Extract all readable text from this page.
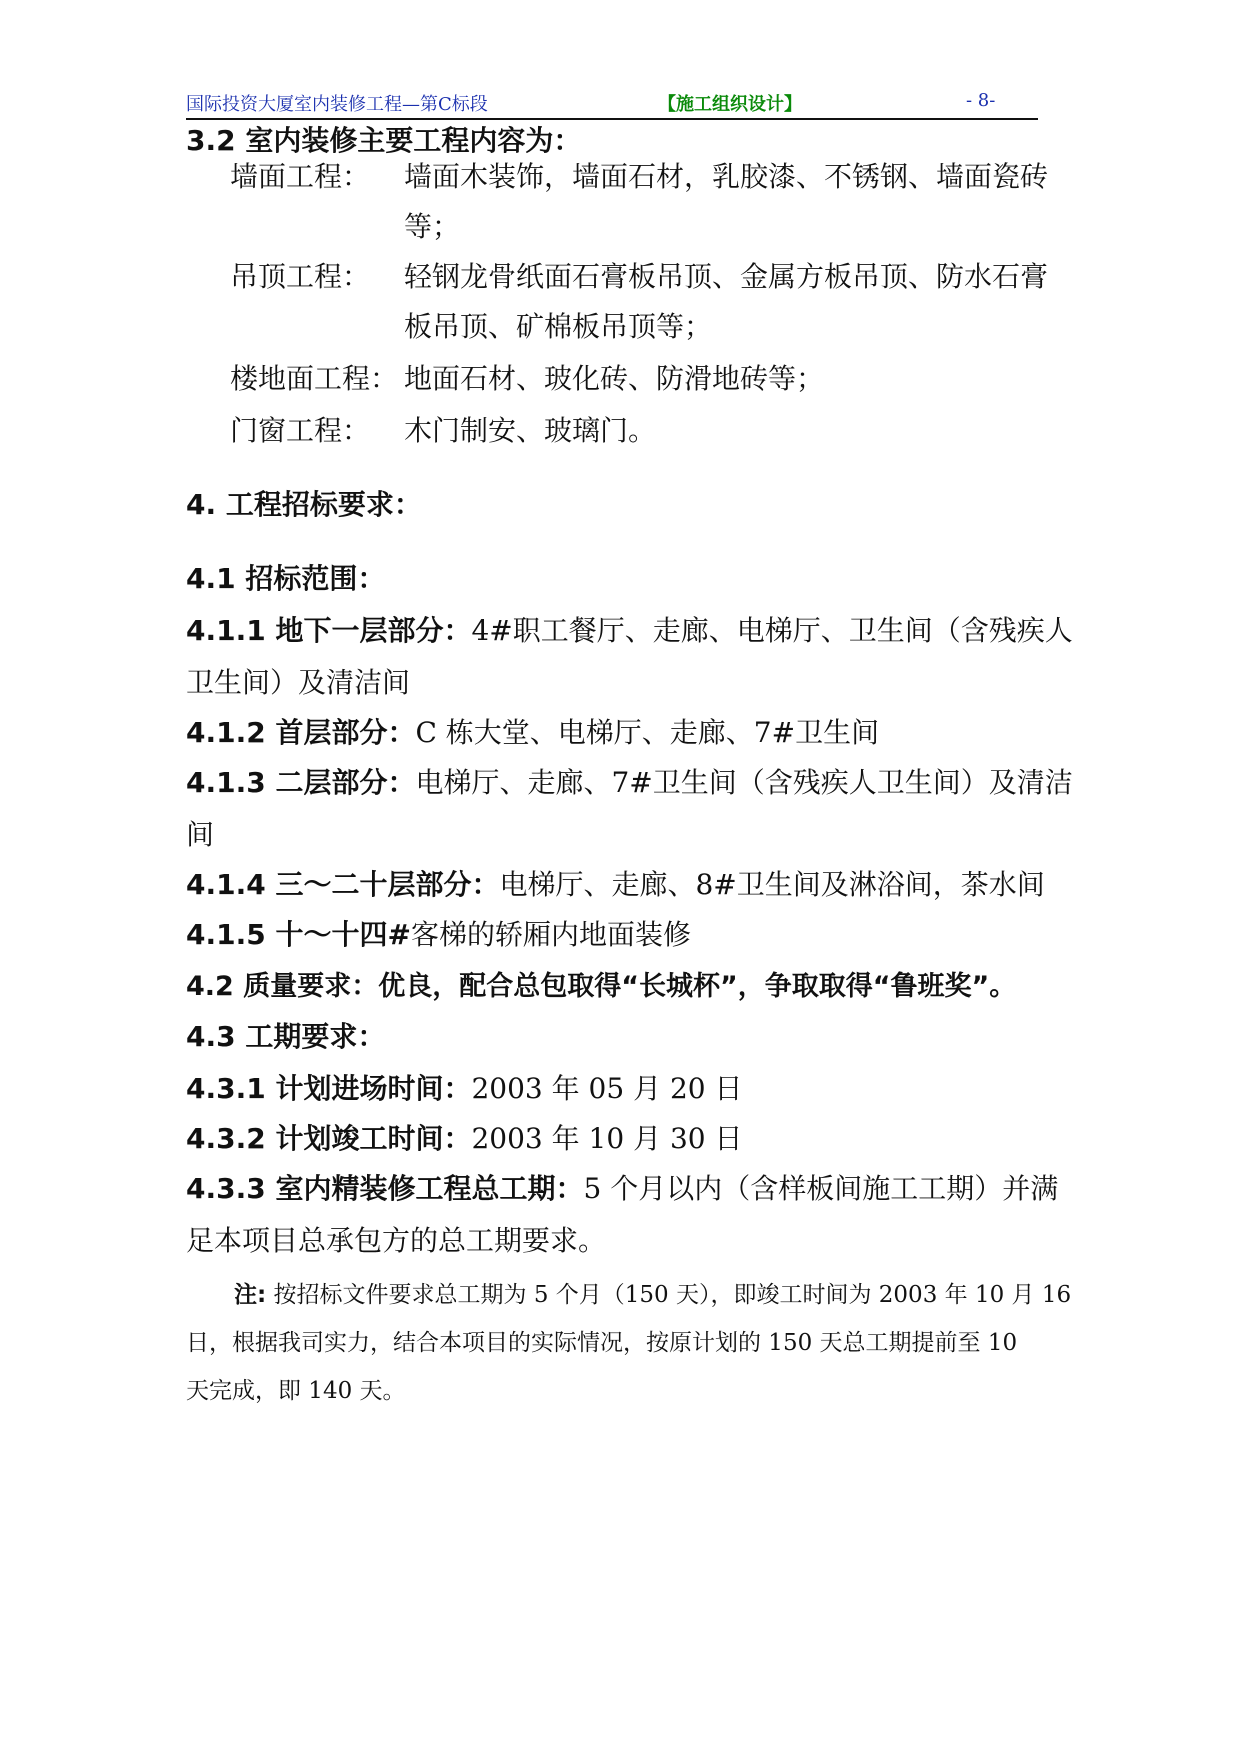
国际投资大厦室内装修工程—第C标段	【施工组织设计】	- 8-
3.2 室内装修主要工程内容为：
墙面工程： 墙面木装饰，墙面石材，乳胶漆、不锈钢、墙面瓷砖
等；
吊顶工程： 轻钢龙骨纸面石膏板吊顶、金属方板吊顶、防水石膏
板吊顶、矿棉板吊顶等；
楼地面工程： 地面石材、玻化砖、防滑地砖等；
门窗工程： 木门制安、玻璃门。
4. 工程招标要求：
4.1 招标范围：
4.1.1 地下一层部分：4#职工餐厅、走廊、电梯厅、卫生间（含残疾人
卫生间）及清洁间
4.1.2 首层部分：C 栋大堂、电梯厅、走廊、7#卫生间
4.1.3 二层部分：电梯厅、走廊、7#卫生间（含残疾人卫生间）及清洁
间
4.1.4 三～二十层部分：电梯厅、走廊、8#卫生间及淋浴间，茶水间
4.1.5 十～十四#客梯的轿厢内地面装修
4.2 质量要求：优良，配合总包取得“长城杯”，争取取得“鲁班奖”。
4.3 工期要求：
4.3.1 计划进场时间：2003 年 05 月 20 日
4.3.2 计划竣工时间：2003 年 10 月 30 日
4.3.3 室内精装修工程总工期：5 个月以内（含样板间施工工期）并满
足本项目总承包方的总工期要求。
注: 按招标文件要求总工期为 5 个月（150 天），即竣工时间为 2003 年 10 月 16
日，根据我司实力，结合本项目的实际情况，按原计划的 150 天总工期提前至 10
天完成，即 140 天。
